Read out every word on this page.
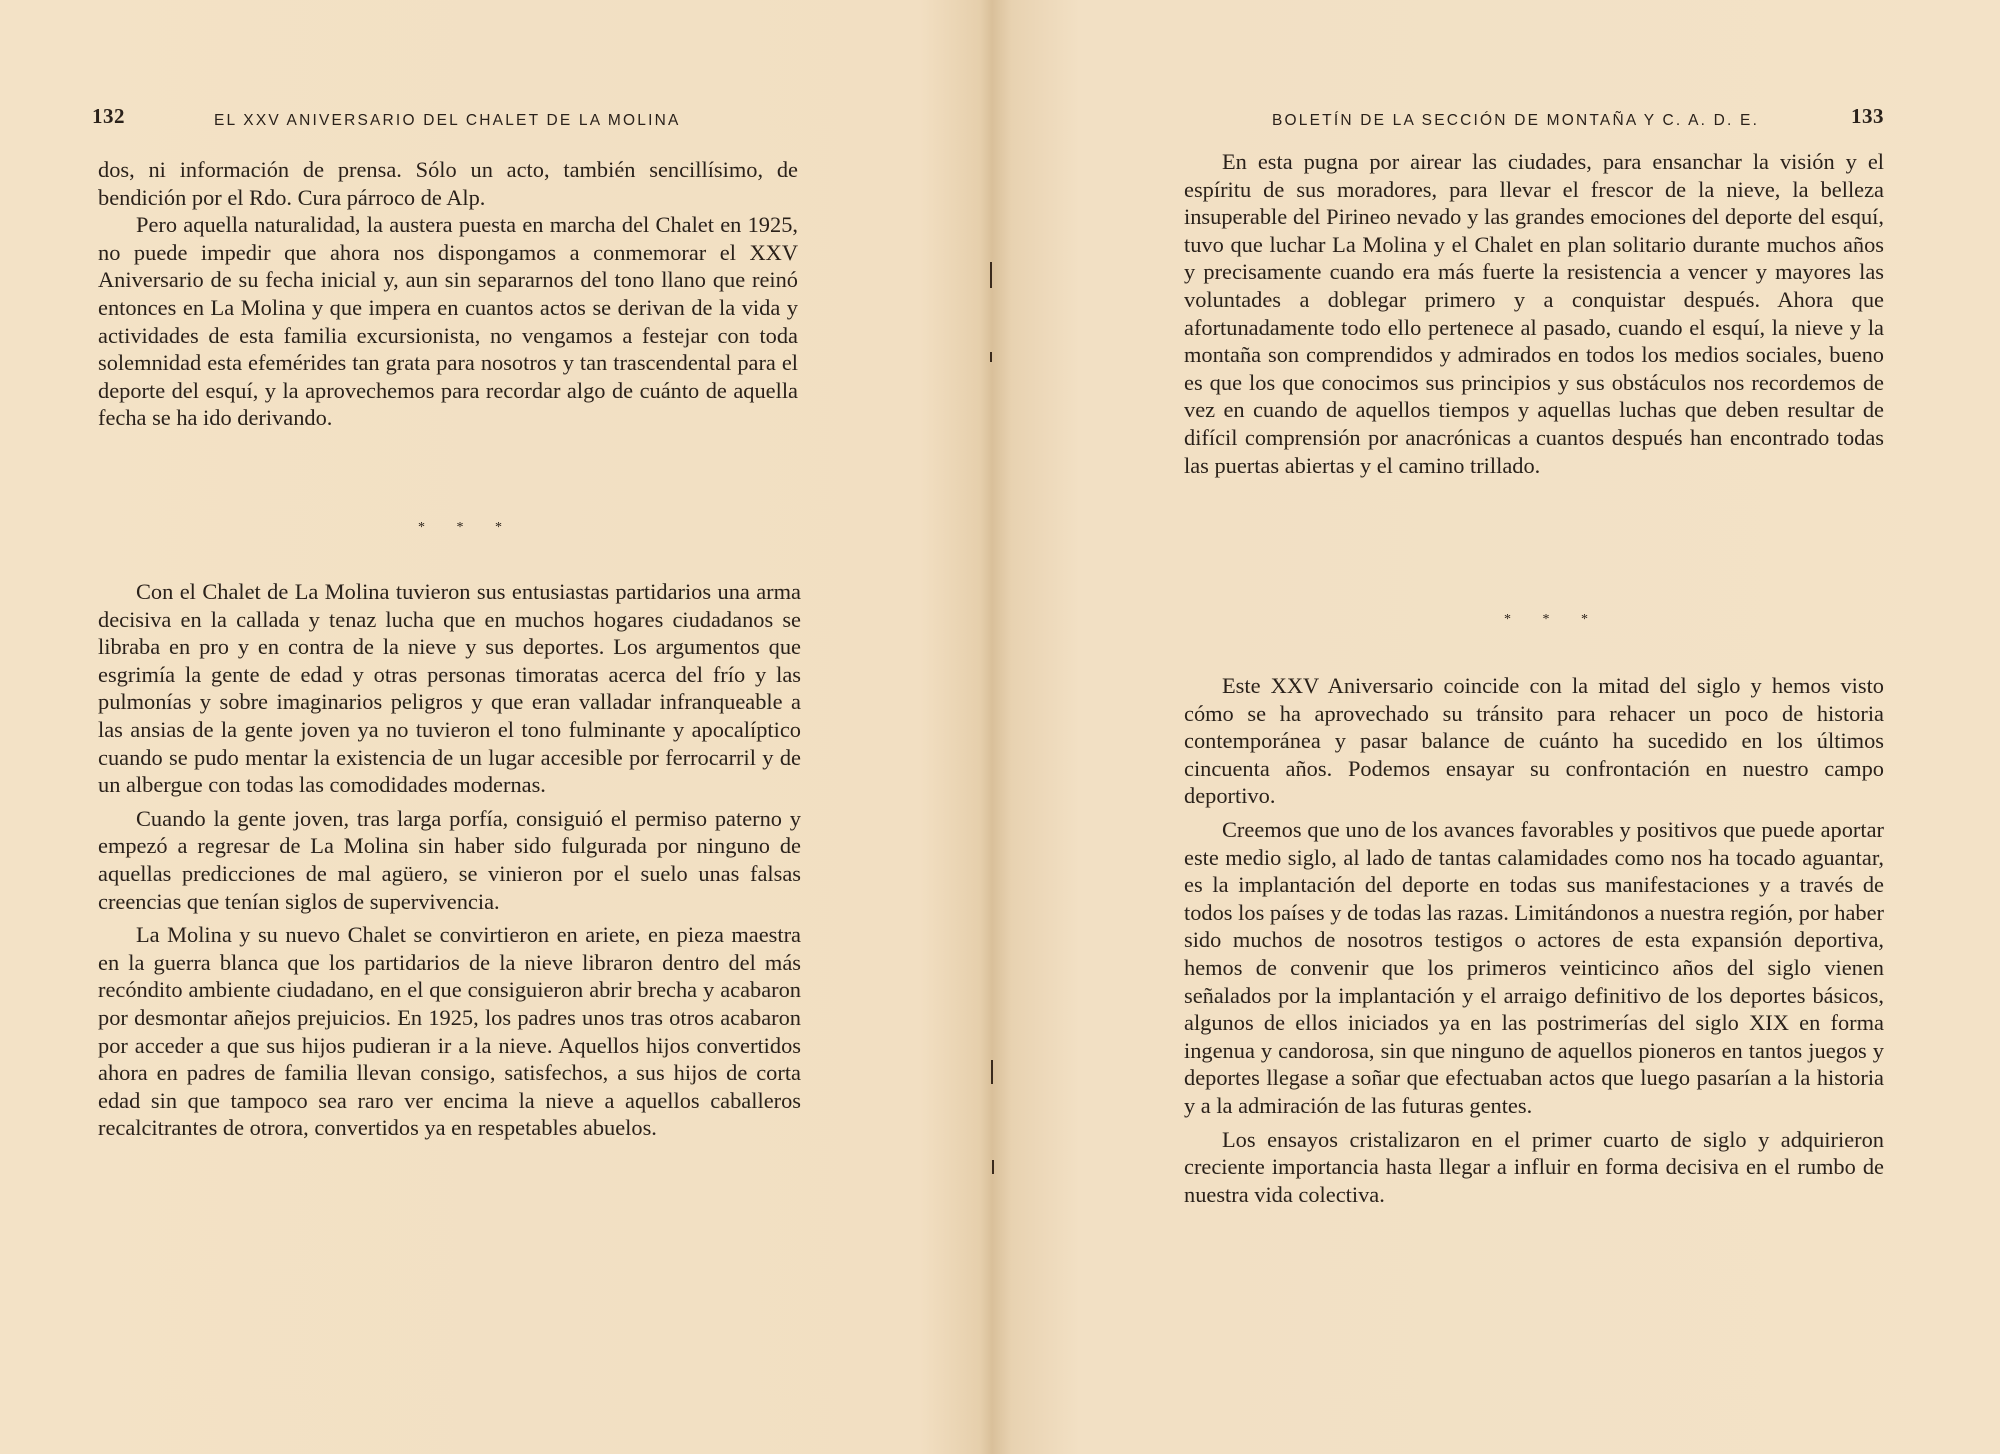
132	EL XXV ANIVERSARIO DEL CHALET DE LA MOLINA

dos, ni información de prensa. Sólo un acto, también sencillísimo, de bendición por el Rdo. Cura párroco de Alp.

Pero aquella naturalidad, la austera puesta en marcha del Chalet en 1925, no puede impedir que ahora nos dispongamos a conmemorar el XXV Aniversario de su fecha inicial y, aun sin separarnos del tono llano que reinó entonces en La Molina y que impera en cuantos actos se derivan de la vida y actividades de esta familia excursionista, no vengamos a festejar con toda solemnidad esta efemérides tan grata para nosotros y tan trascendental para el deporte del esquí, y la aprovechemos para recordar algo de cuánto de aquella fecha se ha ido derivando.

* * *

Con el Chalet de La Molina tuvieron sus entusiastas partidarios una arma decisiva en la callada y tenaz lucha que en muchos hogares ciudadanos se libraba en pro y en contra de la nieve y sus deportes. Los argumentos que esgrimía la gente de edad y otras personas timoratas acerca del frío y las pulmonías y sobre imaginarios peligros y que eran valladar infranqueable a las ansias de la gente joven ya no tuvieron el tono fulminante y apocalíptico cuando se pudo mentar la existencia de un lugar accesible por ferrocarril y de un albergue con todas las comodidades modernas.

Cuando la gente joven, tras larga porfía, consiguió el permiso paterno y empezó a regresar de La Molina sin haber sido fulgurada por ninguno de aquellas predicciones de mal agüero, se vinieron por el suelo unas falsas creencias que tenían siglos de supervivencia.

La Molina y su nuevo Chalet se convirtieron en ariete, en pieza maestra en la guerra blanca que los partidarios de la nieve libraron dentro del más recóndito ambiente ciudadano, en el que consiguieron abrir brecha y acabaron por desmontar añejos prejuicios. En 1925, los padres unos tras otros acabaron por acceder a que sus hijos pudieran ir a la nieve. Aquellos hijos convertidos ahora en padres de familia llevan consigo, satisfechos, a sus hijos de corta edad sin que tampoco sea raro ver encima la nieve a aquellos caballeros recalcitrantes de otrora, convertidos ya en respetables abuelos.

BOLETÍN DE LA SECCIÓN DE MONTAÑA Y C. A. D. E.	133

En esta pugna por airear las ciudades, para ensanchar la visión y el espíritu de sus moradores, para llevar el frescor de la nieve, la belleza insuperable del Pirineo nevado y las grandes emociones del deporte del esquí, tuvo que luchar La Molina y el Chalet en plan solitario durante muchos años y precisamente cuando era más fuerte la resistencia a vencer y mayores las voluntades a doblegar primero y a conquistar después. Ahora que afortunadamente todo ello pertenece al pasado, cuando el esquí, la nieve y la montaña son comprendidos y admirados en todos los medios sociales, bueno es que los que conocimos sus principios y sus obstáculos nos recordemos de vez en cuando de aquellos tiempos y aquellas luchas que deben resultar de difícil comprensión por anacrónicas a cuantos después han encontrado todas las puertas abiertas y el camino trillado.

* * *

Este XXV Aniversario coincide con la mitad del siglo y hemos visto cómo se ha aprovechado su tránsito para rehacer un poco de historia contemporánea y pasar balance de cuánto ha sucedido en los últimos cincuenta años. Podemos ensayar su confrontación en nuestro campo deportivo.

Creemos que uno de los avances favorables y positivos que puede aportar este medio siglo, al lado de tantas calamidades como nos ha tocado aguantar, es la implantación del deporte en todas sus manifestaciones y a través de todos los países y de todas las razas. Limitándonos a nuestra región, por haber sido muchos de nosotros testigos o actores de esta expansión deportiva, hemos de convenir que los primeros veinticinco años del siglo vienen señalados por la implantación y el arraigo definitivo de los deportes básicos, algunos de ellos iniciados ya en las postrimerías del siglo XIX en forma ingenua y candorosa, sin que ninguno de aquellos pioneros en tantos juegos y deportes llegase a soñar que efectuaban actos que luego pasarían a la historia y a la admiración de las futuras gentes.

Los ensayos cristalizaron en el primer cuarto de siglo y adquirieron creciente importancia hasta llegar a influir en forma decisiva en el rumbo de nuestra vida colectiva.
